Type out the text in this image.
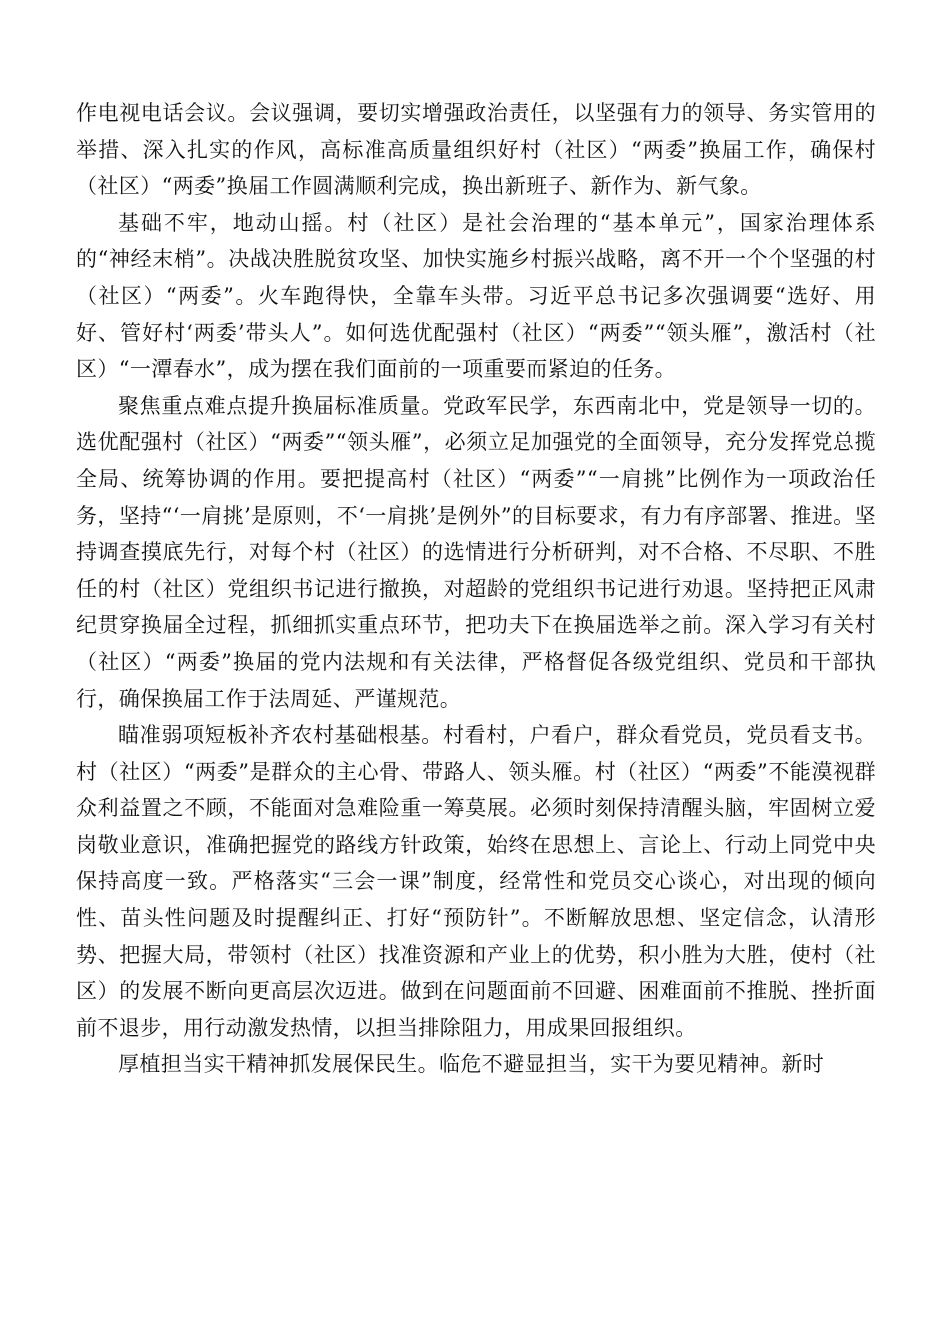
作电视电话会议。会议强调，要切实增强政治责任，以坚强有力的领导、务实管用的举措、深入扎实的作风，高标准高质量组织好村（社区）“两委”换届工作，确保村（社区）“两委”换届工作圆满顺利完成，换出新班子、新作为、新气象。

基础不牢，地动山摇。村（社区）是社会治理的“基本单元”，国家治理体系的“神经末梢”。决战决胜脱贫攻坚、加快实施乡村振兴战略，离不开一个个坚强的村（社区）“两委”。火车跑得快，全靠车头带。习近平总书记多次强调要“选好、用好、管好村‘两委’带头人”。如何选优配强村（社区）“两委”“领头雁”，激活村（社区）“一潭春水”，成为摆在我们面前的一项重要而紧迫的任务。

聚焦重点难点提升换届标准质量。党政军民学，东西南北中，党是领导一切的。选优配强村（社区）“两委”“领头雁”，必须立足加强党的全面领导，充分发挥党总揽全局、统筹协调的作用。要把提高村（社区）“两委”“一肩挑”比例作为一项政治任务，坚持“‘一肩挑’是原则，不‘一肩挑’是例外”的目标要求，有力有序部署、推进。坚持调查摸底先行，对每个村（社区）的选情进行分析研判，对不合格、不尽职、不胜任的村（社区）党组织书记进行撤换，对超龄的党组织书记进行劝退。坚持把正风肃纪贯穿换届全过程，抓细抓实重点环节，把功夫下在换届选举之前。深入学习有关村（社区）“两委”换届的党内法规和有关法律，严格督促各级党组织、党员和干部执行，确保换届工作于法周延、严谨规范。

瞄准弱项短板补齐农村基础根基。村看村，户看户，群众看党员，党员看支书。村（社区）“两委”是群众的主心骨、带路人、领头雁。村（社区）“两委”不能漠视群众利益置之不顾，不能面对急难险重一筹莫展。必须时刻保持清醒头脑，牢固树立爱岗敬业意识，准确把握党的路线方针政策，始终在思想上、言论上、行动上同党中央保持高度一致。严格落实“三会一课”制度，经常性和党员交心谈心，对出现的倾向性、苗头性问题及时提醒纠正、打好“预防针”。不断解放思想、坚定信念，认清形势、把握大局，带领村（社区）找准资源和产业上的优势，积小胜为大胜，使村（社区）的发展不断向更高层次迈进。做到在问题面前不回避、困难面前不推脱、挫折面前不退步，用行动激发热情，以担当排除阻力，用成果回报组织。

厚植担当实干精神抓发展保民生。临危不避显担当，实干为要见精神。新时
